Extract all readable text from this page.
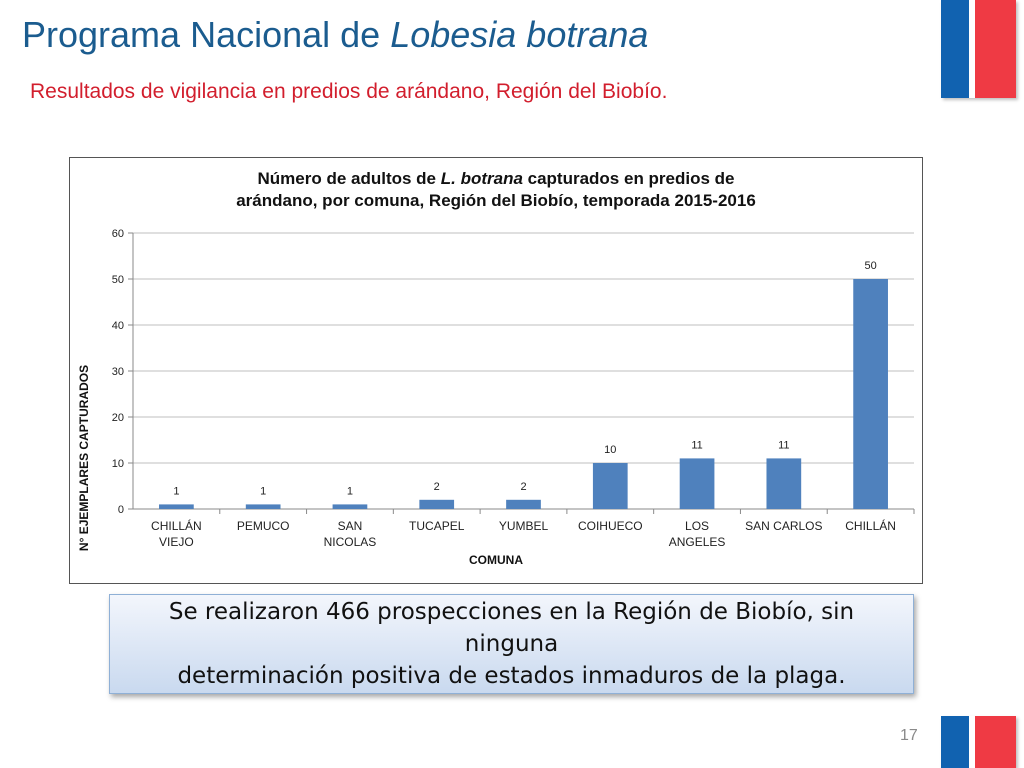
Programa Nacional de Lobesia botrana

Resultados de vigilancia en predios de arándano, Región del Biobío.

0
10
20
30
40
50
60
1
CHILLÁN VIEJO
1
PEMUCO
1
SAN NICOLAS
2
TUCAPEL
2
YUMBEL
10
COIHUECO
11
LOS ANGELES
11
SAN CARLOS
50
CHILLÁN
Número de adultos de L. botrana capturados en predios de
arándano, por comuna, Región del Biobío, temporada 2015-2016
N° EJEMPLARES CAPTURADOS
COMUNA

Se realizaron 466 prospecciones en la Región de Biobío, sin ninguna
determinación positiva de estados inmaduros de la plaga.

17
